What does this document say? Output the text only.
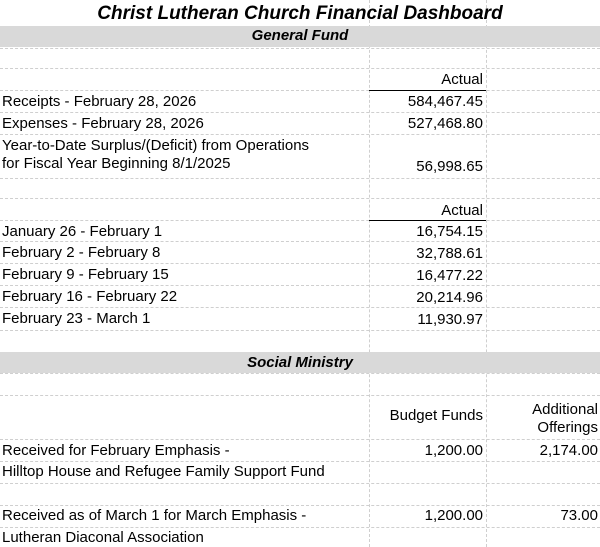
Christ Lutheran Church Financial Dashboard
General Fund
Actual
Receipts - February 28, 2026	584,467.45
Expenses - February 28, 2026	527,468.80
Year-to-Date Surplus/(Deficit) from Operations
for Fiscal Year Beginning 8/1/2025	56,998.65
Actual
January 26 - February 1	16,754.15
February 2 - February 8	32,788.61
February 9 - February 15	16,477.22
February 16 - February 22	20,214.96
February 23 - March 1	11,930.97
Social Ministry
Budget Funds	Additional
Offerings
Received for February Emphasis -
Hilltop House and Refugee Family Support Fund
1,200.00	2,174.00
Received as of March 1 for March Emphasis -
Lutheran Diaconal Association
1,200.00	73.00
